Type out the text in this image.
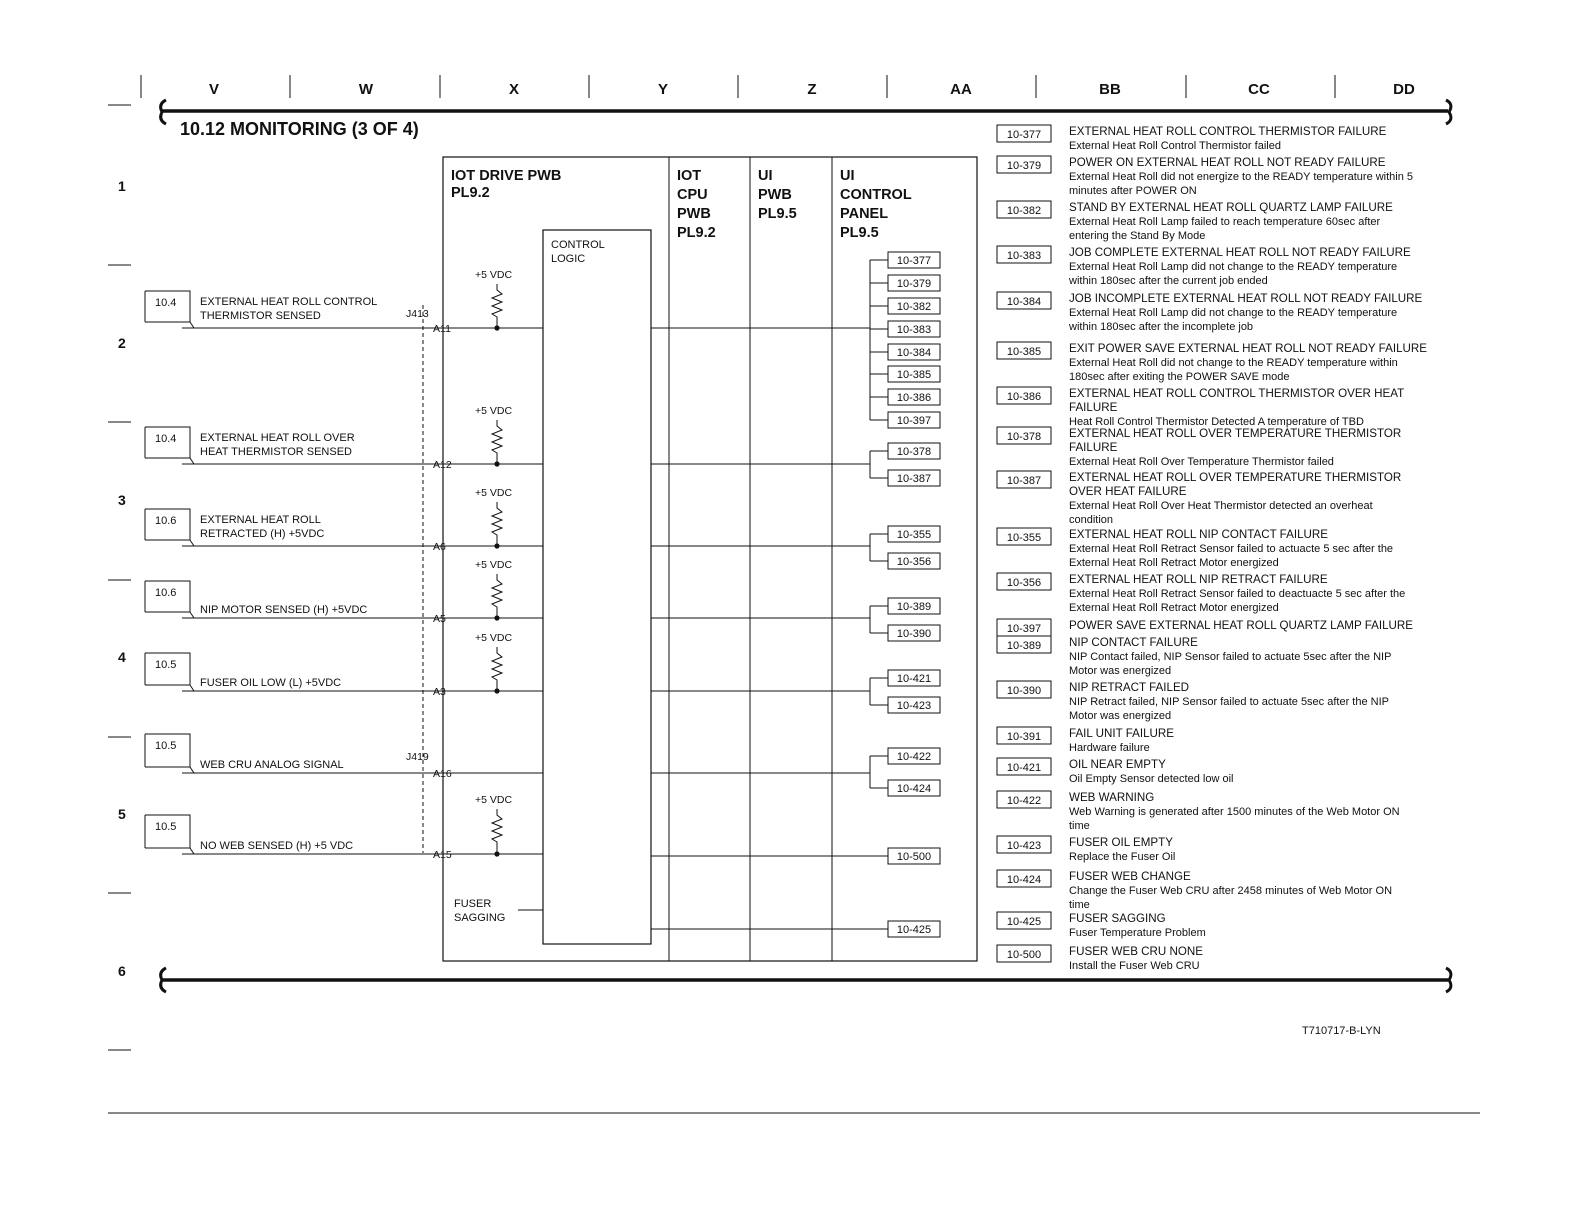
V	W	X	Y	Z	AA	BB	CC	DD
1
2
3
4
5
6
10.12 MONITORING (3 OF 4)
IOT DRIVE PWB
PL9.2
CONTROL
LOGIC
IOT
CPU
PWB
PL9.2
UI
PWB
PL9.5
UI
CONTROL
PANEL
PL9.5
J413
J419
10.4 EXTERNAL HEAT ROLL CONTROL
THERMISTOR SENSED
A11
+5 VDC
10.4 EXTERNAL HEAT ROLL OVER
HEAT THERMISTOR SENSED
A12
+5 VDC
10.6 EXTERNAL HEAT ROLL
RETRACTED (H) +5VDC
A6
+5 VDC
10.6
NIP MOTOR SENSED (H) +5VDC
A5
+5 VDC
10.5
FUSER OIL LOW (L) +5VDC
A3
+5 VDC
10.5
WEB CRU ANALOG SIGNAL
A16
10.5
NO WEB SENSED (H) +5 VDC
A15
+5 VDC
FUSER
SAGGING
10-377
10-379
10-382
10-383
10-384
10-385
10-386
10-397
10-378
10-387
10-355
10-356
10-389
10-390
10-421
10-423
10-422
10-424
10-500
10-425
10-377 EXTERNAL HEAT ROLL CONTROL THERMISTOR FAILURE
External Heat Roll Control Thermistor failed
10-379 POWER ON EXTERNAL HEAT ROLL NOT READY FAILURE
External Heat Roll did not energize to the READY temperature within 5
minutes after POWER ON
10-382 STAND BY EXTERNAL HEAT ROLL QUARTZ LAMP FAILURE
External Heat Roll Lamp failed to reach temperature 60sec after
entering the Stand By Mode
10-383 JOB COMPLETE EXTERNAL HEAT ROLL NOT READY FAILURE
External Heat Roll Lamp did not change to the READY temperature
within 180sec after the current job ended
10-384 JOB INCOMPLETE EXTERNAL HEAT ROLL NOT READY FAILURE
External Heat Roll Lamp did not change to the READY temperature
within 180sec after the incomplete job
10-385 EXIT POWER SAVE EXTERNAL HEAT ROLL NOT READY FAILURE
External Heat Roll did not change to the READY temperature within
180sec after exiting the POWER SAVE mode
10-386 EXTERNAL HEAT ROLL CONTROL THERMISTOR OVER HEAT
FAILURE
Heat Roll Control Thermistor Detected A temperature of TBD
10-378 EXTERNAL HEAT ROLL OVER TEMPERATURE THERMISTOR
FAILURE
External Heat Roll Over Temperature Thermistor failed
10-387 EXTERNAL HEAT ROLL OVER TEMPERATURE THERMISTOR
OVER HEAT FAILURE
External Heat Roll Over Heat Thermistor detected an overheat
condition
10-355 EXTERNAL HEAT ROLL NIP CONTACT FAILURE
External Heat Roll Retract Sensor failed to actuacte 5 sec after the
External Heat Roll Retract Motor energized
10-356 EXTERNAL HEAT ROLL NIP RETRACT FAILURE
External Heat Roll Retract Sensor failed to deactuacte 5 sec after the
External Heat Roll Retract Motor energized
10-397 POWER SAVE EXTERNAL HEAT ROLL QUARTZ LAMP FAILURE
10-389 NIP CONTACT FAILURE
NIP Contact failed, NIP Sensor failed to actuate 5sec after the NIP
Motor was energized
10-390 NIP RETRACT FAILED
NIP Retract failed, NIP Sensor failed to actuate 5sec after the NIP
Motor was energized
10-391 FAIL UNIT FAILURE
Hardware failure
10-421 OIL NEAR EMPTY
Oil Empty Sensor detected low oil
10-422 WEB WARNING
Web Warning is generated after 1500 minutes of the Web Motor ON
time
10-423 FUSER OIL EMPTY
Replace the Fuser Oil
10-424 FUSER WEB CHANGE
Change the Fuser Web CRU after 2458 minutes of Web Motor ON
time
10-425 FUSER SAGGING
Fuser Temperature Problem
10-500 FUSER WEB CRU NONE
Install the Fuser Web CRU
T710717-B-LYN
